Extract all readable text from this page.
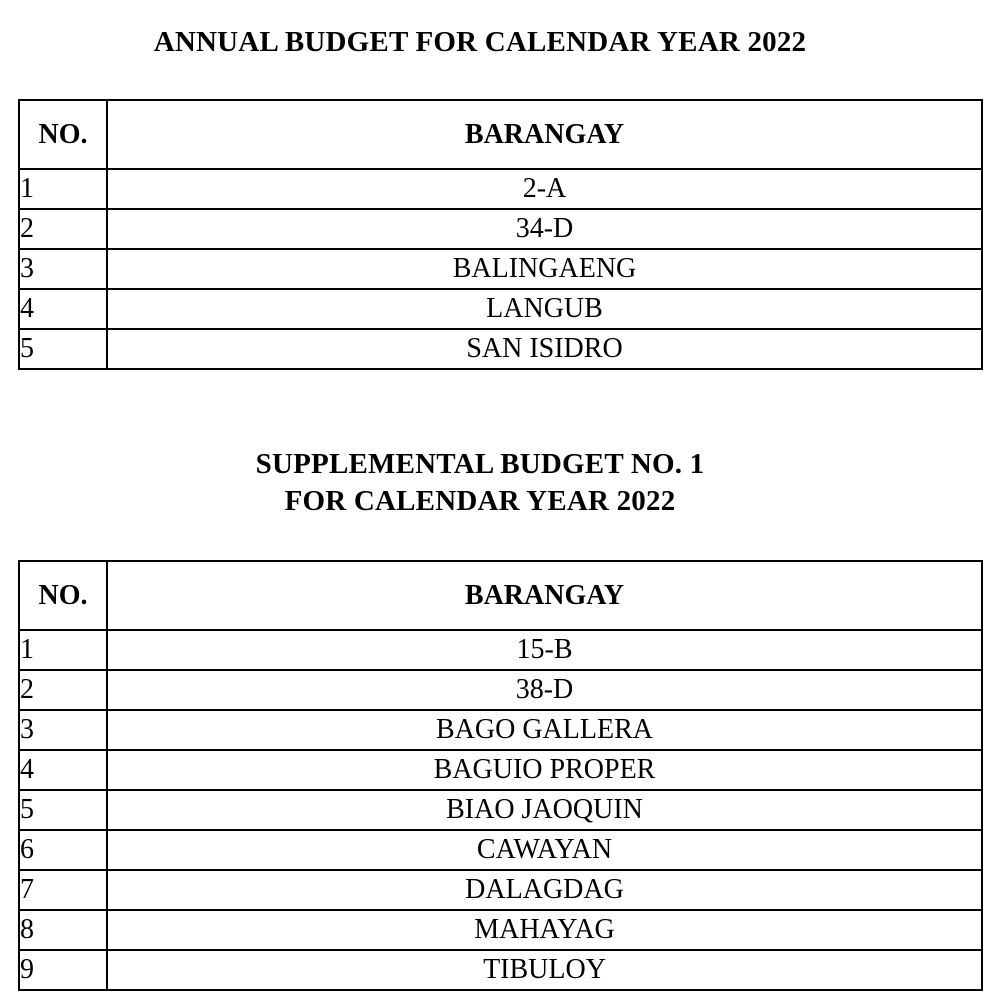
ANNUAL BUDGET FOR CALENDAR YEAR 2022
NO.	BARANGAY
1	2-A
2	34-D
3	BALINGAENG
4	LANGUB
5	SAN ISIDRO
SUPPLEMENTAL BUDGET NO. 1
FOR CALENDAR YEAR 2022
NO.	BARANGAY
1	15-B
2	38-D
3	BAGO GALLERA
4	BAGUIO PROPER
5	BIAO JAOQUIN
6	CAWAYAN
7	DALAGDAG
8	MAHAYAG
9	TIBULOY
